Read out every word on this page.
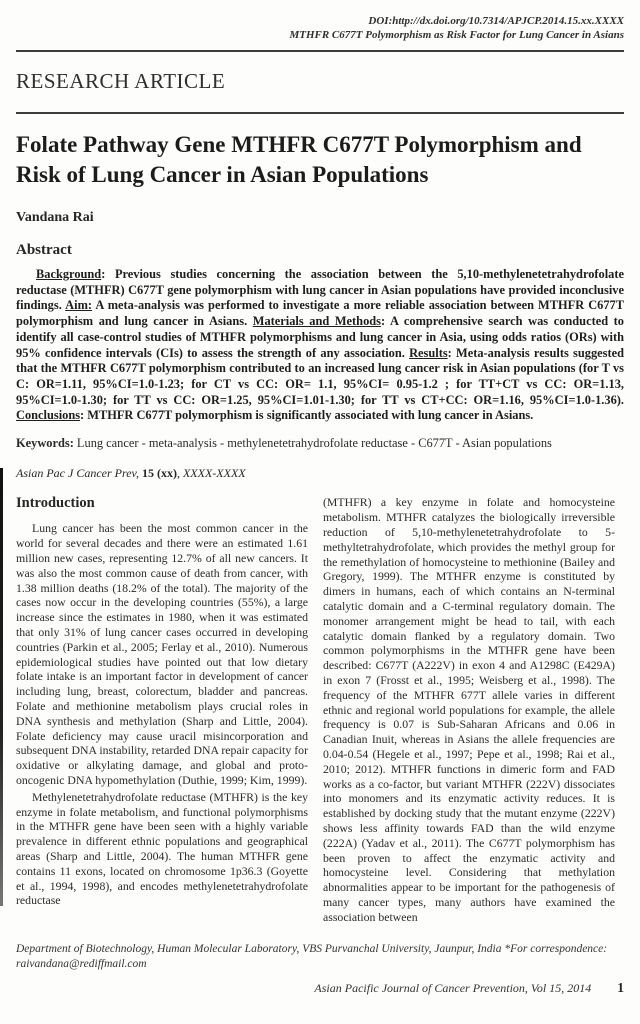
DOI:http://dx.doi.org/10.7314/APJCP.2014.15.xx.XXXX
MTHFR C677T Polymorphism as Risk Factor for Lung Cancer in Asians
RESEARCH ARTICLE
Folate Pathway Gene MTHFR C677T Polymorphism and Risk of Lung Cancer in Asian Populations
Vandana Rai
Abstract

Background: Previous studies concerning the association between the 5,10-methylenetetrahydrofolate reductase (MTHFR) C677T gene polymorphism with lung cancer in Asian populations have provided inconclusive findings. Aim: A meta-analysis was performed to investigate a more reliable association between MTHFR C677T polymorphism and lung cancer in Asians. Materials and Methods: A comprehensive search was conducted to identify all case-control studies of MTHFR polymorphisms and lung cancer in Asia, using odds ratios (ORs) with 95% confidence intervals (CIs) to assess the strength of any association. Results: Meta-analysis results suggested that the MTHFR C677T polymorphism contributed to an increased lung cancer risk in Asian populations (for T vs C: OR=1.11, 95%CI=1.0-1.23; for CT vs CC: OR= 1.1, 95%CI= 0.95-1.2 ; for TT+CT vs CC: OR=1.13, 95%CI=1.0-1.30; for TT vs CC: OR=1.25, 95%CI=1.01-1.30; for TT vs CT+CC: OR=1.16, 95%CI=1.0-1.36). Conclusions: MTHFR C677T polymorphism is significantly associated with lung cancer in Asians.

Keywords: Lung cancer - meta-analysis - methylenetetrahydrofolate reductase - C677T - Asian populations
Asian Pac J Cancer Prev, 15 (xx), XXXX-XXXX
Introduction

Lung cancer has been the most common cancer in the world for several decades and there were an estimated 1.61 million new cases, representing 12.7% of all new cancers. It was also the most common cause of death from cancer, with 1.38 million deaths (18.2% of the total). The majority of the cases now occur in the developing countries (55%), a large increase since the estimates in 1980, when it was estimated that only 31% of lung cancer cases occurred in developing countries (Parkin et al., 2005; Ferlay et al., 2010). Numerous epidemiological studies have pointed out that low dietary folate intake is an important factor in development of cancer including lung, breast, colorectum, bladder and pancreas. Folate and methionine metabolism plays crucial roles in DNA synthesis and methylation (Sharp and Little, 2004). Folate deficiency may cause uracil misincorporation and subsequent DNA instability, retarded DNA repair capacity for oxidative or alkylating damage, and global and proto-oncogenic DNA hypomethylation (Duthie, 1999; Kim, 1999).

Methylenetetrahydrofolate reductase (MTHFR) is the key enzyme in folate metabolism, and functional polymorphisms in the MTHFR gene have been seen with a highly variable prevalence in different ethnic populations and geographical areas (Sharp and Little, 2004). The human MTHFR gene contains 11 exons, located on chromosome 1p36.3 (Goyette et al., 1994, 1998), and encodes methylenetetrahydrofolate reductase

(MTHFR) a key enzyme in folate and homocysteine metabolism. MTHFR catalyzes the biologically irreversible reduction of 5,10-methylenetetrahydrofolate to 5-methyltetrahydrofolate, which provides the methyl group for the remethylation of homocysteine to methionine (Bailey and Gregory, 1999). The MTHFR enzyme is constituted by dimers in humans, each of which contains an N-terminal catalytic domain and a C-terminal regulatory domain. The monomer arrangement might be head to tail, with each catalytic domain flanked by a regulatory domain. Two common polymorphisms in the MTHFR gene have been described: C677T (A222V) in exon 4 and A1298C (E429A) in exon 7 (Frosst et al., 1995; Weisberg et al., 1998). The frequency of the MTHFR 677T allele varies in different ethnic and regional world populations for example, the allele frequency is 0.07 is Sub-Saharan Africans and 0.06 in Canadian Inuit, whereas in Asians the allele frequencies are 0.04-0.54 (Hegele et al., 1997; Pepe et al., 1998; Rai et al., 2010; 2012). MTHFR functions in dimeric form and FAD works as a co-factor, but variant MTHFR (222V) dissociates into monomers and its enzymatic activity reduces. It is established by docking study that the mutant enzyme (222V) shows less affinity towards FAD than the wild enzyme (222A) (Yadav et al., 2011). The C677T polymorphism has been proven to affect the enzymatic activity and homocysteine level. Considering that methylation abnormalities appear to be important for the pathogenesis of many cancer types, many authors have examined the association between

Department of Biotechnology, Human Molecular Laboratory, VBS Purvanchal University, Jaunpur, India *For correspondence: raivandana@rediffmail.com
Asian Pacific Journal of Cancer Prevention, Vol 15, 2014 1
